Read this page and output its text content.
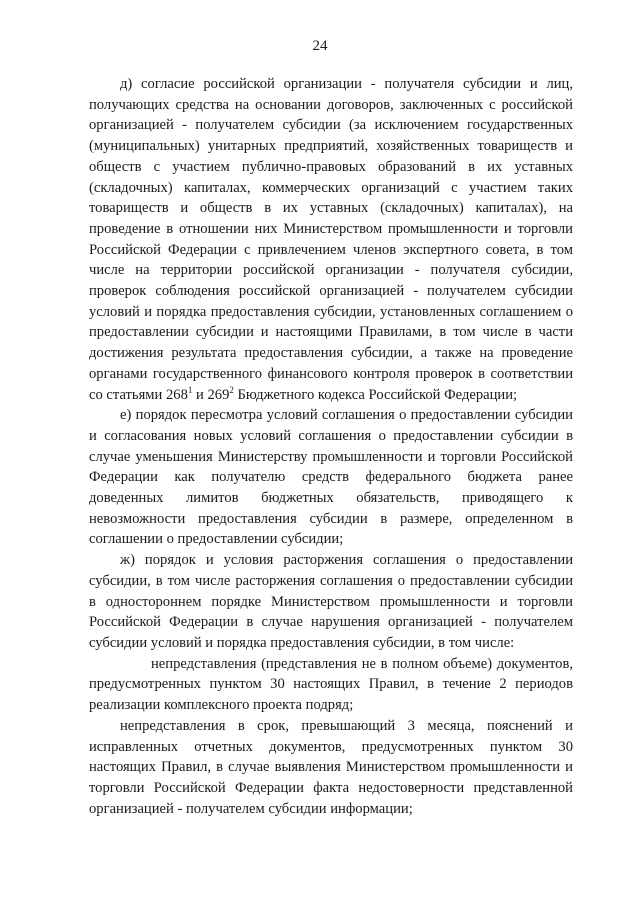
24

д) согласие российской организации - получателя субсидии и лиц, получающих средства на основании договоров, заключенных с российской организацией - получателем субсидии (за исключением государственных (муниципальных) унитарных предприятий, хозяйственных товариществ и обществ с участием публично-правовых образований в их уставных (складочных) капиталах, коммерческих организаций с участием таких товариществ и обществ в их уставных (складочных) капиталах), на проведение в отношении них Министерством промышленности и торговли Российской Федерации с привлечением членов экспертного совета, в том числе на территории российской организации - получателя субсидии, проверок соблюдения российской организацией - получателем субсидии условий и порядка предоставления субсидии, установленных соглашением о предоставлении субсидии и настоящими Правилами, в том числе в части достижения результата предоставления субсидии, а также на проведение органами государственного финансового контроля проверок в соответствии со статьями $268^1$ и $269^2$ Бюджетного кодекса Российской Федерации;

е) порядок пересмотра условий соглашения о предоставлении субсидии и согласования новых условий соглашения о предоставлении субсидии в случае уменьшения Министерству промышленности и торговли Российской Федерации как получателю средств федерального бюджета ранее доведенных лимитов бюджетных обязательств, приводящего к невозможности предоставления субсидии в размере, определенном в соглашении о предоставлении субсидии;

ж) порядок и условия расторжения соглашения о предоставлении субсидии, в том числе расторжения соглашения о предоставлении субсидии в одностороннем порядке Министерством промышленности и торговли Российской Федерации в случае нарушения организацией - получателем субсидии условий и порядка предоставления субсидии, в том числе:

непредставления (представления не в полном объеме) документов, предусмотренных пунктом 30 настоящих Правил, в течение 2 периодов реализации комплексного проекта подряд;

непредставления в срок, превышающий 3 месяца, пояснений и исправленных отчетных документов, предусмотренных пунктом 30 настоящих Правил, в случае выявления Министерством промышленности и торговли Российской Федерации факта недостоверности представленной организацией - получателем субсидии информации;
